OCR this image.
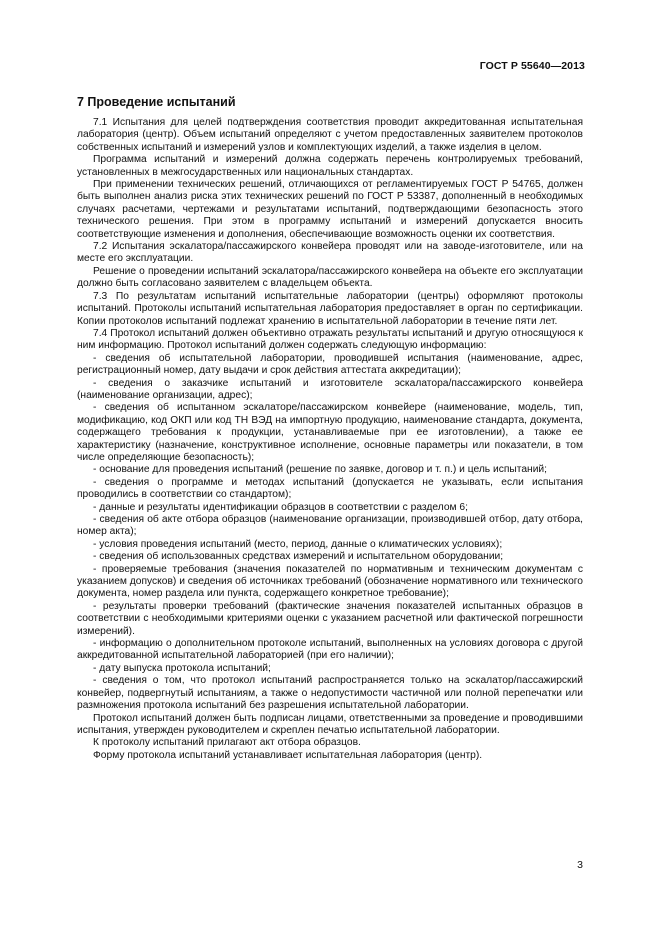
ГОСТ Р 55640—2013
7 Проведение испытаний

7.1 Испытания для целей подтверждения соответствия проводит аккредитованная испытательная лаборатория (центр). Объем испытаний определяют с учетом предоставленных заявителем протоколов собственных испытаний и измерений узлов и комплектующих изделий, а также изделия в целом.

Программа испытаний и измерений должна содержать перечень контролируемых требований, установленных в межгосударственных или национальных стандартах.

При применении технических решений, отличающихся от регламентируемых ГОСТ Р 54765, должен быть выполнен анализ риска этих технических решений по ГОСТ Р 53387, дополненный в необходимых случаях расчетами, чертежами и результатами испытаний, подтверждающими безопасность этого технического решения. При этом в программу испытаний и измерений допускается вносить соответствующие изменения и дополнения, обеспечивающие возможность оценки их соответствия.

7.2 Испытания эскалатора/пассажирского конвейера проводят или на заводе-изготовителе, или на месте его эксплуатации.

Решение о проведении испытаний эскалатора/пассажирского конвейера на объекте его эксплуатации должно быть согласовано заявителем с владельцем объекта.

7.3 По результатам испытаний испытательные лаборатории (центры) оформляют протоколы испытаний. Протоколы испытаний испытательная лаборатория предоставляет в орган по сертификации. Копии протоколов испытаний подлежат хранению в испытательной лаборатории в течение пяти лет.

7.4 Протокол испытаний должен объективно отражать результаты испытаний и другую относящуюся к ним информацию. Протокол испытаний должен содержать следующую информацию:

- сведения об испытательной лаборатории, проводившей испытания (наименование, адрес, регистрационный номер, дату выдачи и срок действия аттестата аккредитации);

- сведения о заказчике испытаний и изготовителе эскалатора/пассажирского конвейера (наименование организации, адрес);

- сведения об испытанном эскалаторе/пассажирском конвейере (наименование, модель, тип, модификацию, код ОКП или код ТН ВЭД на импортную продукцию, наименование стандарта, документа, содержащего требования к продукции, устанавливаемые при ее изготовлении), а также ее характеристику (назначение, конструктивное исполнение, основные параметры или показатели, в том числе определяющие безопасность);

- основание для проведения испытаний (решение по заявке, договор и т. п.) и цель испытаний;

- сведения о программе и методах испытаний (допускается не указывать, если испытания проводились в соответствии со стандартом);

- данные и результаты идентификации образцов в соответствии с разделом 6;

- сведения об акте отбора образцов (наименование организации, производившей отбор, дату отбора, номер акта);

- условия проведения испытаний (место, период, данные о климатических условиях);

- сведения об использованных средствах измерений и испытательном оборудовании;

- проверяемые требования (значения показателей по нормативным и техническим документам с указанием допусков) и сведения об источниках требований (обозначение нормативного или технического документа, номер раздела или пункта, содержащего конкретное требование);

- результаты проверки требований (фактические значения показателей испытанных образцов в соответствии с необходимыми критериями оценки с указанием расчетной или фактической погрешности измерений).

- информацию о дополнительном протоколе испытаний, выполненных на условиях договора с другой аккредитованной испытательной лабораторией (при его наличии);

- дату выпуска протокола испытаний;

- сведения о том, что протокол испытаний распространяется только на эскалатор/пассажирский конвейер, подвергнутый испытаниям, а также о недопустимости частичной или полной перепечатки или размножения протокола испытаний без разрешения испытательной лаборатории.

Протокол испытаний должен быть подписан лицами, ответственными за проведение и проводившими испытания, утвержден руководителем и скреплен печатью испытательной лаборатории.

К протоколу испытаний прилагают акт отбора образцов.

Форму протокола испытаний устанавливает испытательная лаборатория (центр).

3
